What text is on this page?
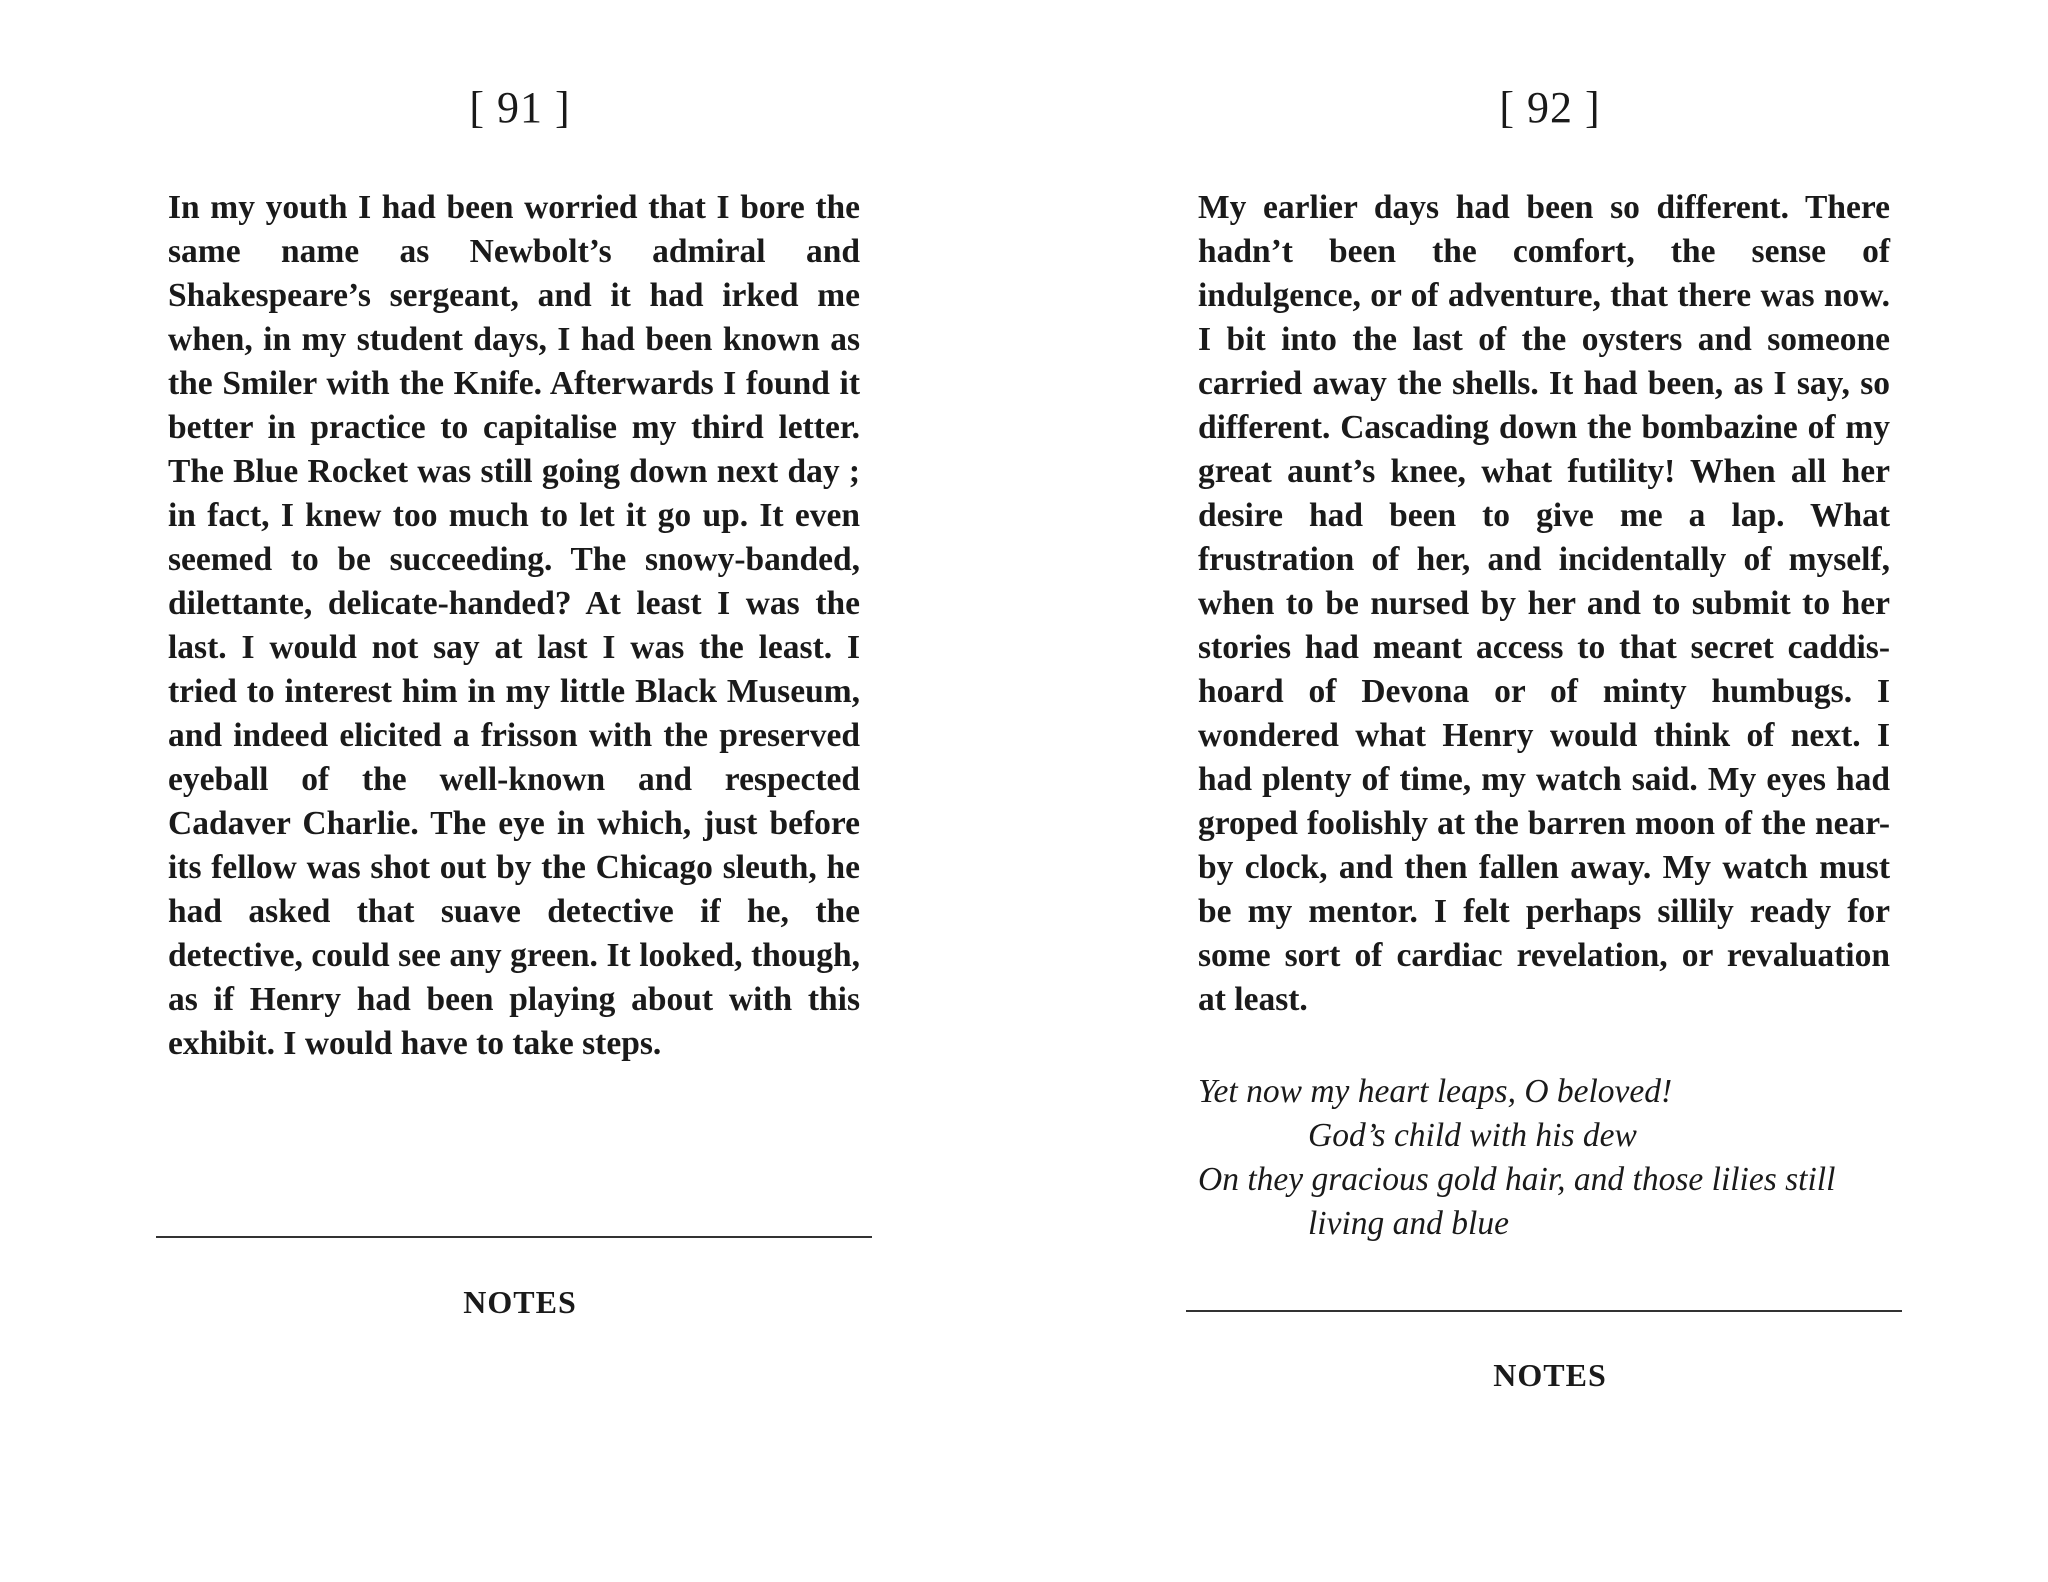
[ 91 ]
In my youth I had been worried that I bore the same name as Newbolt’s admiral and Shakespeare’s sergeant, and it had irked me when, in my student days, I had been known as the Smiler with the Knife. Afterwards I found it better in practice to capitalise my third letter. The Blue Rocket was still going down next day ; in fact, I knew too much to let it go up. It even seemed to be succeeding. The snowy-banded, dilettante, delicate-handed? At least I was the last. I would not say at last I was the least. I tried to interest him in my little Black Museum, and indeed elicited a frisson with the preserved eyeball of the well-known and respected Cadaver Charlie. The eye in which, just before its fellow was shot out by the Chicago sleuth, he had asked that suave detective if he, the detective, could see any green. It looked, though, as if Henry had been playing about with this exhibit. I would have to take steps.
NOTES
[ 92 ]
My earlier days had been so different. There hadn’t been the comfort, the sense of indulgence, or of adventure, that there was now. I bit into the last of the oysters and someone carried away the shells. It had been, as I say, so different. Cascading down the bombazine of my great aunt’s knee, what futility! When all her desire had been to give me a lap. What frustration of her, and incidentally of myself, when to be nursed by her and to submit to her stories had meant access to that secret caddis-hoard of Devona or of minty humbugs. I wondered what Henry would think of next. I had plenty of time, my watch said. My eyes had groped foolishly at the barren moon of the near-by clock, and then fallen away. My watch must be my mentor. I felt perhaps sillily ready for some sort of cardiac revelation, or revaluation at least.
Yet now my heart leaps, O beloved!
God’s child with his dew
On they gracious gold hair, and those lilies still
living and blue
NOTES
